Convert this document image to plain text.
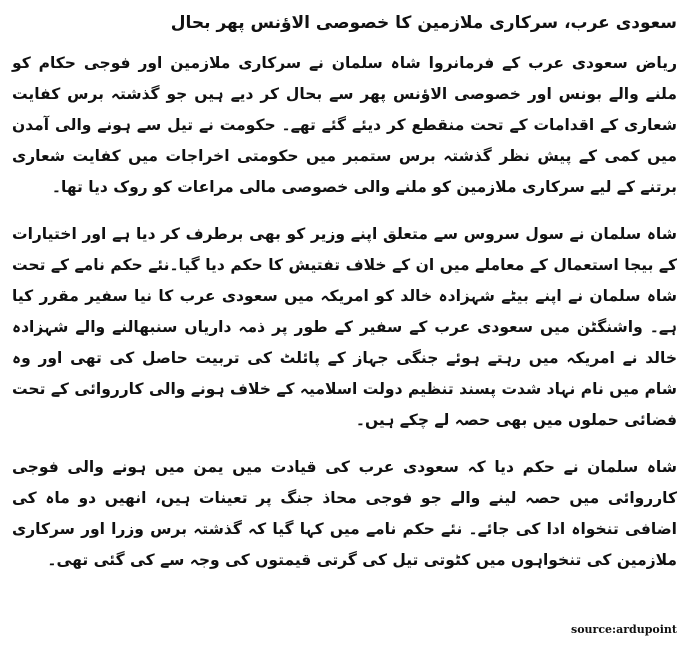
سعودی عرب، سرکاری ملازمین کا خصوصی الاؤنس پھر بحال

ریاض سعودی عرب کے فرمانروا شاہ سلمان نے سرکاری ملازمین اور فوجی حکام کو ملنے والے بونس اور خصوصی الاؤنس پھر سے بحال کر دیے ہیں جو گذشتہ برس کفایت شعاری کے اقدامات کے تحت منقطع کر دیئے گئے تھے۔ حکومت نے تیل سے ہونے والی آمدن میں کمی کے پیش نظر گذشتہ برس ستمبر میں حکومتی اخراجات میں کفایت شعاری برتنے کے لیے سرکاری ملازمین کو ملنے والی خصوصی مالی مراعات کو روک دیا تھا۔

شاہ سلمان نے سول سروس سے متعلق اپنے وزیر کو بھی برطرف کر دیا ہے اور اختیارات کے بیجا استعمال کے معاملے میں ان کے خلاف تفتیش کا حکم دیا گیا۔نئے حکم نامے کے تحت شاہ سلمان نے اپنے بیٹے شہزادہ خالد کو امریکہ میں سعودی عرب کا نیا سفیر مقرر کیا ہے۔ واشنگٹن میں سعودی عرب کے سفیر کے طور پر ذمہ داریاں سنبھالنے والے شہزادہ خالد نے امریکہ میں رہتے ہوئے جنگی جہاز کے پائلٹ کی تربیت حاصل کی تھی اور وہ شام میں نام نہاد شدت پسند تنظیم دولت اسلامیہ کے خلاف ہونے والی کارروائی کے تحت فضائی حملوں میں بھی حصہ لے چکے ہیں۔

شاہ سلمان نے حکم دیا کہ سعودی عرب کی قیادت میں یمن میں ہونے والی فوجی کارروائی میں حصہ لینے والے جو فوجی محاذ جنگ پر تعینات ہیں، انھیں دو ماہ کی اضافی تنخواہ ادا کی جائے۔ نئے حکم نامے میں کہا گیا کہ گذشتہ برس وزرا اور سرکاری ملازمین کی تنخواہوں میں کٹوتی تیل کی گرتی قیمتوں کی وجہ سے کی گئی تھی۔

source:ardupoint
